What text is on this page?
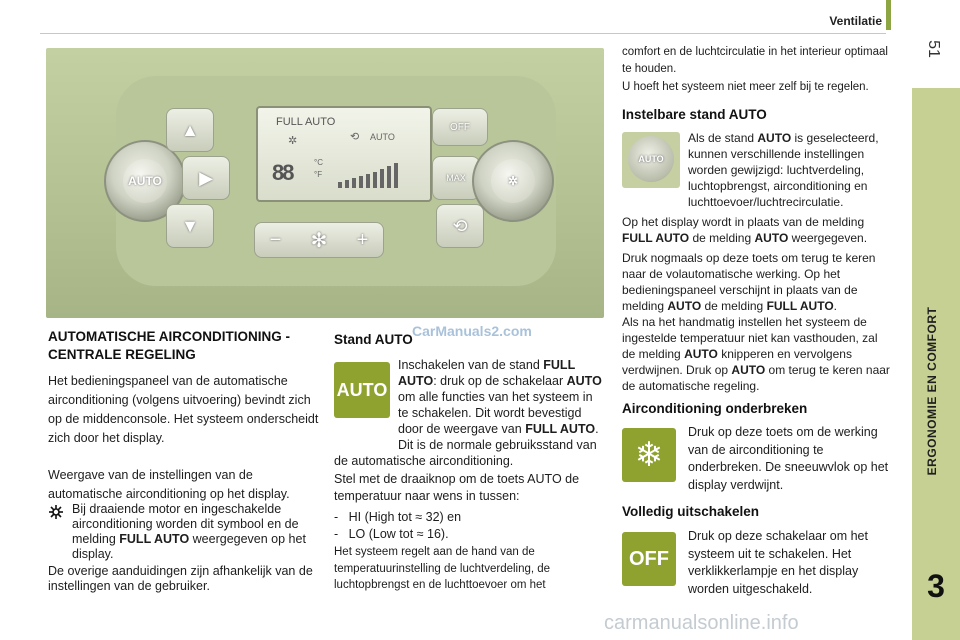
Ventilatie
51
ERGONOMIE EN COMFORT
3
AUTO
▲
▶
▼
FULL AUTO
✲	⟲ AUTO
88	°C
°F
OFF
MAX
⟲
✲
− ✻ +
CarManuals2.com
AUTOMATISCHE AIRCONDITIONING - CENTRALE REGELING
Het bedieningspaneel van de automatische airconditioning (volgens uitvoering) bevindt zich op de middenconsole. Het systeem onderscheidt zich door het display.
Weergave van de instellingen van de automatische airconditioning op het display.
Bij draaiende motor en ingeschakelde airconditioning worden dit symbool en de melding FULL AUTO weergegeven op het display.
De overige aanduidingen zijn afhankelijk van de instellingen van de gebruiker.
Stand AUTO
AUTO
Inschakelen van de stand FULL AUTO: druk op de schakelaar AUTO om alle functies van het systeem in te schakelen. Dit wordt bevestigd door de weergave van FULL AUTO. Dit is de normale gebruiksstand van de automatische airconditioning.
Stel met de draaiknop om de toets AUTO de temperatuur naar wens in tussen:
-   HI (High tot ≈ 32) en
-   LO (Low tot ≈ 16).
Het systeem regelt aan de hand van de temperatuurinstelling de luchtverdeling, de luchtopbrengst en de luchttoevoer om het
comfort en de luchtcirculatie in het interieur optimaal te houden.
U hoeft het systeem niet meer zelf bij te regelen.
Instelbare stand AUTO
AUTO
Als de stand AUTO is geselecteerd, kunnen verschillende instellingen worden gewijzigd: luchtverdeling, luchtopbrengst, airconditioning en luchttoevoer/luchtrecirculatie.
Op het display wordt in plaats van de melding FULL AUTO de melding AUTO weergegeven.
Druk nogmaals op deze toets om terug te keren naar de volautomatische werking. Op het bedieningspaneel verschijnt in plaats van de melding AUTO de melding FULL AUTO.
Als na het handmatig instellen het systeem de ingestelde temperatuur niet kan vasthouden, zal de melding AUTO knipperen en vervolgens verdwijnen. Druk op AUTO om terug te keren naar de automatische regeling.
Airconditioning onderbreken
❄
Druk op deze toets om de werking van de airconditioning te onderbreken. De sneeuwvlok op het display verdwijnt.
Volledig uitschakelen
OFF
Druk op deze schakelaar om het systeem uit te schakelen. Het verklikkerlampje en het display worden uitgeschakeld.
carmanualsonline.info
